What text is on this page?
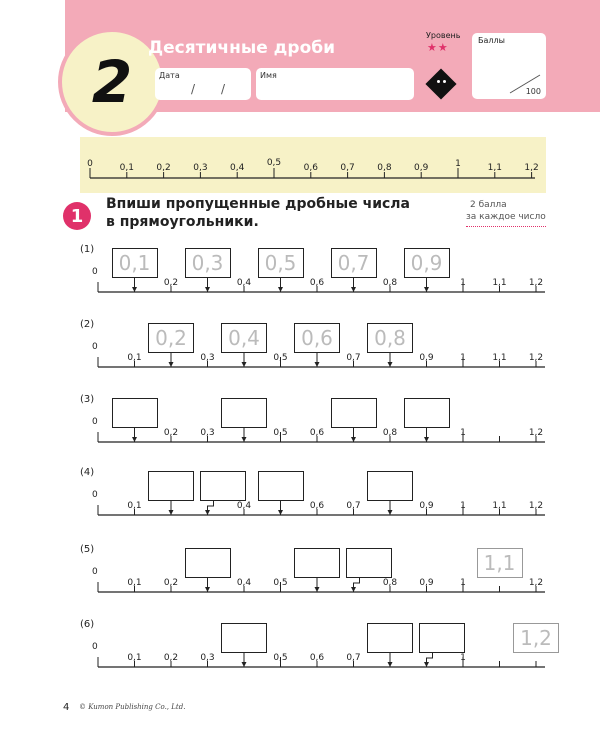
2 Десятичные дроби
Дата
/ /
Имя
Уровень
★★
Баллы
100
0	0,1 0,2 0,3 0,4 0,5 0,6 0,7 0,8 0,9	1	1,1 1,2
1
Впиши пропущенные дробные числа
в прямоугольники.
2 балла
за каждое число
(1)
0
0,2	0,4	0,6	0,8	1	1,1 1,2
0,1	0,3	0,5	0,7	0,9
(2)
0
0,1	0,3	0,5	0,7	0,9	1	1,1 1,2
0,2	0,4	0,6	0,8
(3)
0
0,2 0,3	0,5 0,6	0,8	1	1,2
(4)
0
0,1	0,4	0,6 0,7	0,9	1	1,1 1,2
(5)
0
0,1 0,2	0,4 0,5	0,8 0,9	1	1,2
1,1
(6)
0
0,1 0,2 0,3	0,5 0,6 0,7	1
1,2
4 © Kumon Publishing Co., Ltd.
